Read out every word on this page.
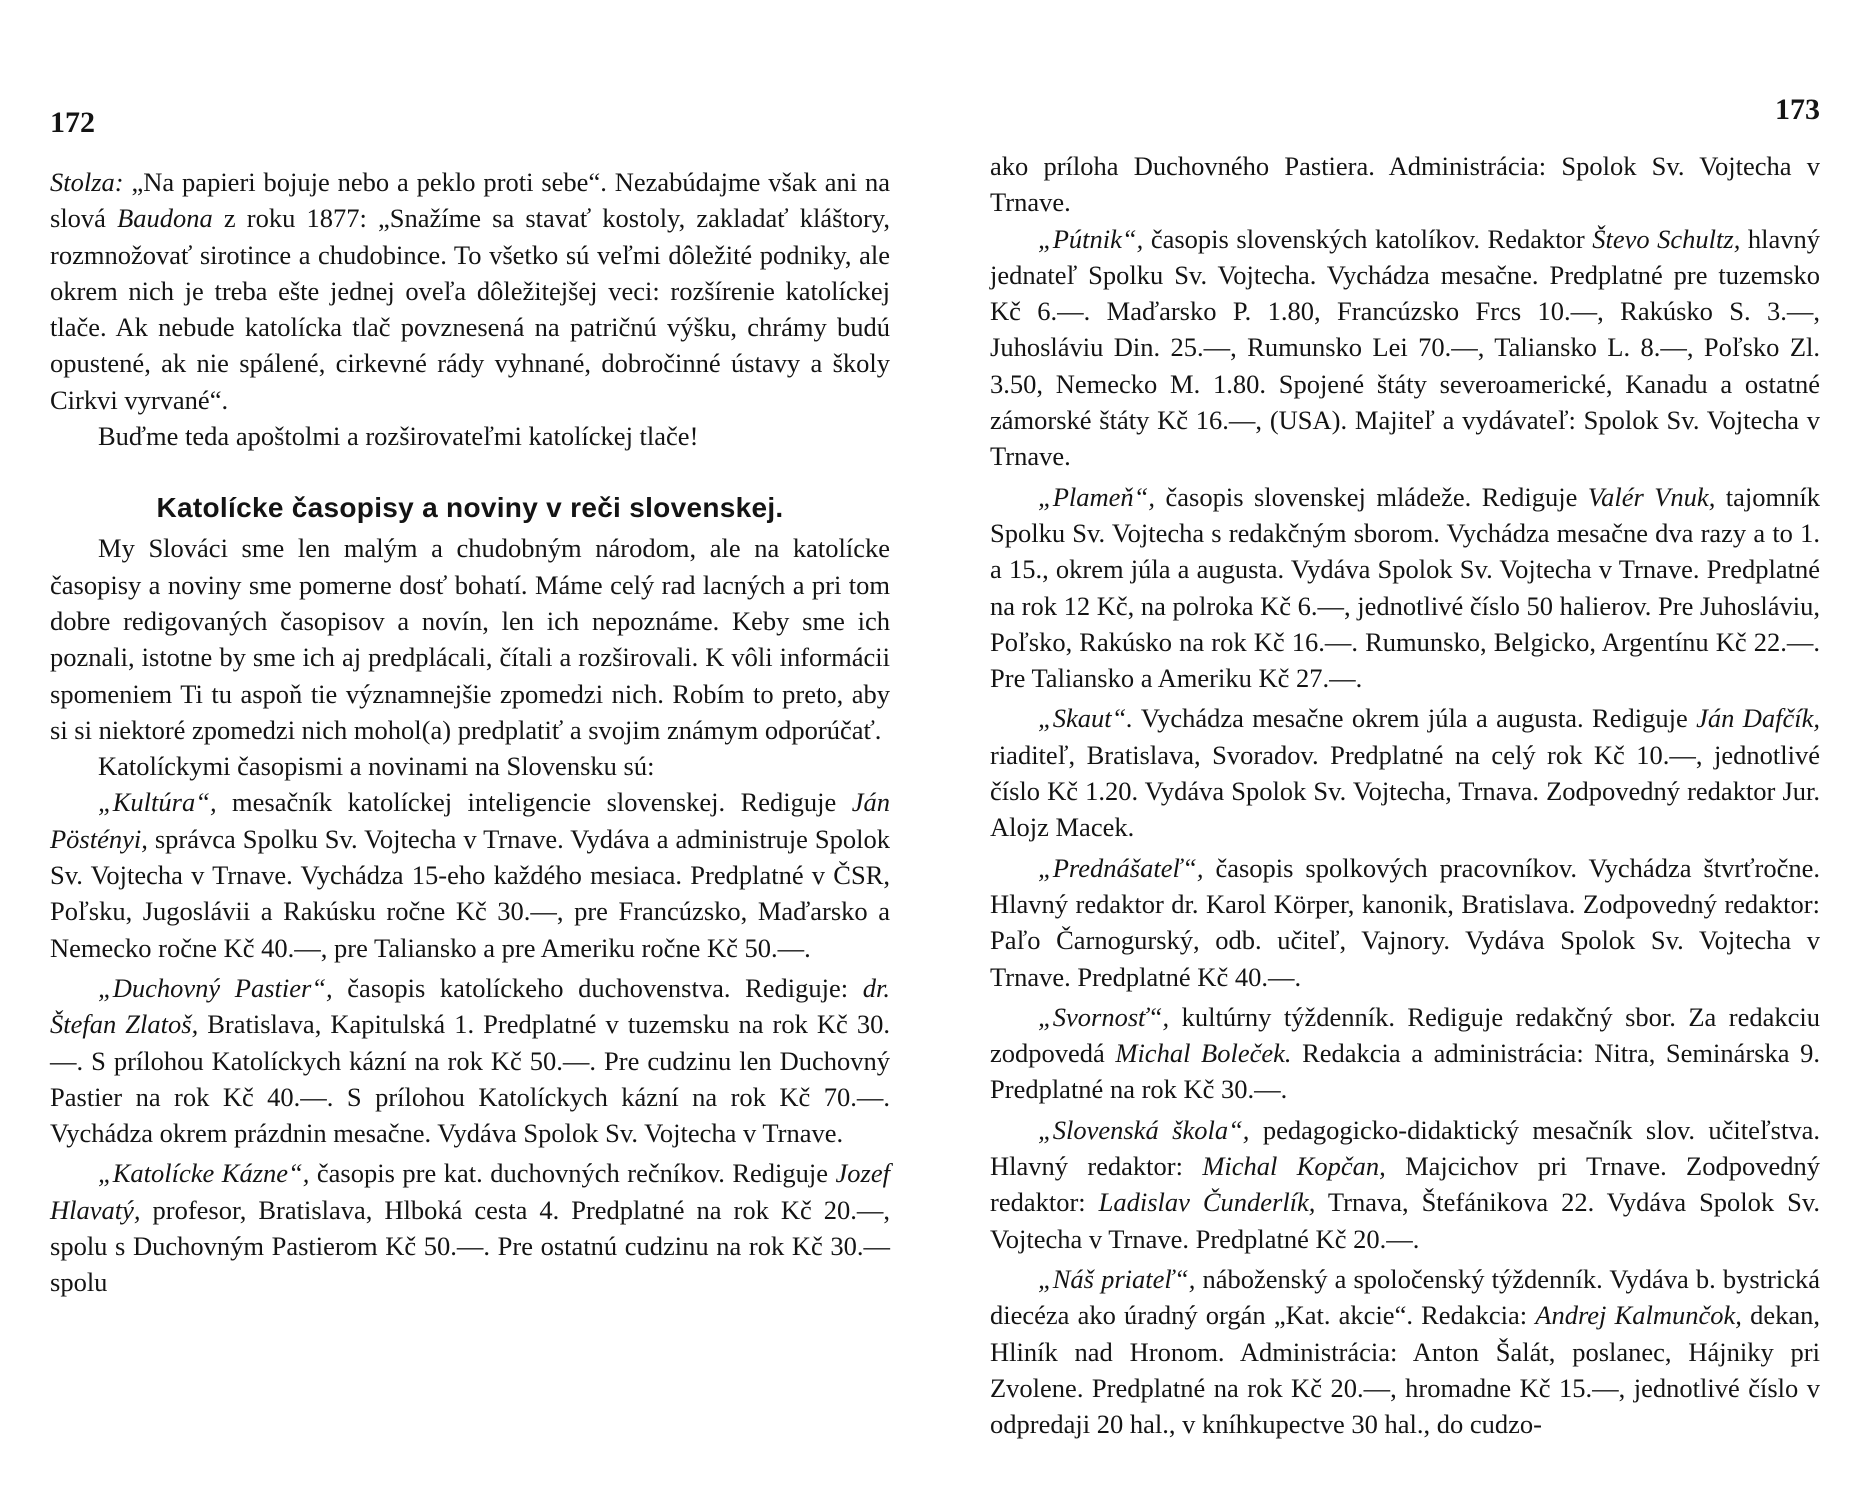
172

Stolza: „Na papieri bojuje nebo a peklo proti sebe“. Nezabúdajme však ani na slová Baudona z roku 1877: „Snažíme sa stavať kostoly, zakladať kláštory, rozmnožovať sirotince a chudobince. To všetko sú veľmi dôležité podniky, ale okrem nich je treba ešte jednej oveľa dôležitejšej veci: rozšírenie katolíckej tlače. Ak nebude katolícka tlač povznesená na patričnú výšku, chrámy budú opustené, ak nie spálené, cirkevné rády vyhnané, dobročinné ústavy a školy Cirkvi vyrvané“.

Buďme teda apoštolmi a rozširovateľmi katolíckej tlače!

Katolícke časopisy a noviny v reči slovenskej.

My Slováci sme len malým a chudobným národom, ale na katolícke časopisy a noviny sme pomerne dosť bohatí. Máme celý rad lacných a pri tom dobre redigovaných časopisov a novín, len ich nepoznáme. Keby sme ich poznali, istotne by sme ich aj predplácali, čítali a rozširovali. K vôli informácii spomeniem Ti tu aspoň tie významnejšie zpomedzi nich. Robím to preto, aby si si niektoré zpomedzi nich mohol(a) predplatiť a svojim známym odporúčať.

Katolíckymi časopismi a novinami na Slovensku sú:

„Kultúra“, mesačník katolíckej inteligencie slovenskej. Rediguje Ján Pöstényi, správca Spolku Sv. Vojtecha v Trnave. Vydáva a administruje Spolok Sv. Vojtecha v Trnave. Vychádza 15-eho každého mesiaca. Predplatné v ČSR, Poľsku, Jugoslávii a Rakúsku ročne Kč 30.—, pre Francúzsko, Maďarsko a Nemecko ročne Kč 40.—, pre Taliansko a pre Ameriku ročne Kč 50.—.

„Duchovný Pastier“, časopis katolíckeho duchovenstva. Rediguje: dr. Štefan Zlatoš, Bratislava, Kapitulská 1. Predplatné v tuzemsku na rok Kč 30.—. S prílohou Katolíckych kázní na rok Kč 50.—. Pre cudzinu len Duchovný Pastier na rok Kč 40.—. S prílohou Katolíckych kázní na rok Kč 70.—. Vychádza okrem prázdnin mesačne. Vydáva Spolok Sv. Vojtecha v Trnave.

„Katolícke Kázne“, časopis pre kat. duchovných rečníkov. Rediguje Jozef Hlavatý, profesor, Bratislava, Hlboká cesta 4. Predplatné na rok Kč 20.—, spolu s Duchovným Pastierom Kč 50.—. Pre ostatnú cudzinu na rok Kč 30.— spolu

173

ako príloha Duchovného Pastiera. Administrácia: Spolok Sv. Vojtecha v Trnave.

„Pútnik“, časopis slovenských katolíkov. Redaktor Števo Schultz, hlavný jednateľ Spolku Sv. Vojtecha. Vychádza mesačne. Predplatné pre tuzemsko Kč 6.—. Maďarsko P. 1.80, Francúzsko Frcs 10.—, Rakúsko S. 3.—, Juhosláviu Din. 25.—, Rumunsko Lei 70.—, Taliansko L. 8.—, Poľsko Zl. 3.50, Nemecko M. 1.80. Spojené štáty severoamerické, Kanadu a ostatné zámorské štáty Kč 16.—, (USA). Majiteľ a vydávateľ: Spolok Sv. Vojtecha v Trnave.

„Plameň“, časopis slovenskej mládeže. Rediguje Valér Vnuk, tajomník Spolku Sv. Vojtecha s redakčným sborom. Vychádza mesačne dva razy a to 1. a 15., okrem júla a augusta. Vydáva Spolok Sv. Vojtecha v Trnave. Predplatné na rok 12 Kč, na polroka Kč 6.—, jednotlivé číslo 50 halierov. Pre Juhosláviu, Poľsko, Rakúsko na rok Kč 16.—. Rumunsko, Belgicko, Argentínu Kč 22.—. Pre Taliansko a Ameriku Kč 27.—.

„Skaut“. Vychádza mesačne okrem júla a augusta. Rediguje Ján Dafčík, riaditeľ, Bratislava, Svoradov. Predplatné na celý rok Kč 10.—, jednotlivé číslo Kč 1.20. Vydáva Spolok Sv. Vojtecha, Trnava. Zodpovedný redaktor Jur. Alojz Macek.

„Prednášateľ“, časopis spolkových pracovníkov. Vychádza štvrťročne. Hlavný redaktor dr. Karol Körper, kanonik, Bratislava. Zodpovedný redaktor: Paľo Čarnogurský, odb. učiteľ, Vajnory. Vydáva Spolok Sv. Vojtecha v Trnave. Predplatné Kč 40.—.

„Svornosť“, kultúrny týždenník. Rediguje redakčný sbor. Za redakciu zodpovedá Michal Boleček. Redakcia a administrácia: Nitra, Seminárska 9. Predplatné na rok Kč 30.—.

„Slovenská škola“, pedagogicko-didaktický mesačník slov. učiteľstva. Hlavný redaktor: Michal Kopčan, Majcichov pri Trnave. Zodpovedný redaktor: Ladislav Čunderlík, Trnava, Štefánikova 22. Vydáva Spolok Sv. Vojtecha v Trnave. Predplatné Kč 20.—.

„Náš priateľ“, náboženský a spoločenský týždenník. Vydáva b. bystrická diecéza ako úradný orgán „Kat. akcie“. Redakcia: Andrej Kalmunčok, dekan, Hliník nad Hronom. Administrácia: Anton Šalát, poslanec, Hájniky pri Zvolene. Predplatné na rok Kč 20.—, hromadne Kč 15.—, jednotlivé číslo v odpredaji 20 hal., v kníhkupectve 30 hal., do cudzo-
